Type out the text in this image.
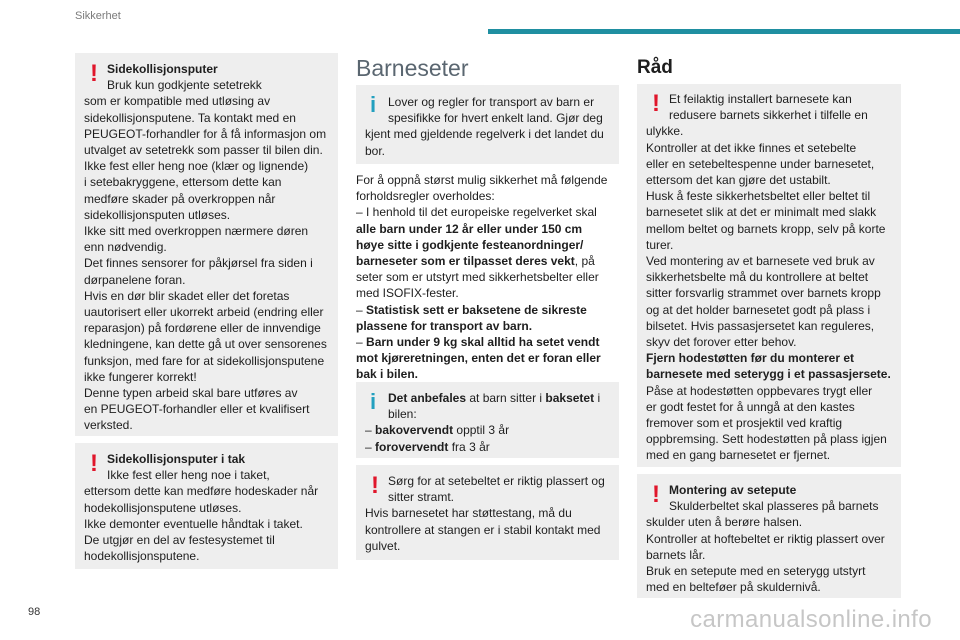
Sikkerhet
! Sidekollisjonsputer

Bruk kun godkjente setetrekk

som er kompatible med utløsing av

sidekollisjonsputene. Ta kontakt med en

PEUGEOT-forhandler for å få informasjon om

utvalget av setetrekk som passer til bilen din.

Ikke fest eller heng noe (klær og lignende)

i setebakryggene, ettersom dette kan

medføre skader på overkroppen når

sidekollisjonsputen utløses.

Ikke sitt med overkroppen nærmere døren

enn nødvendig.

Det finnes sensorer for påkjørsel fra siden i

dørpanelene foran.

Hvis en dør blir skadet eller det foretas

uautorisert eller ukorrekt arbeid (endring eller

reparasjon) på fordørene eller de innvendige

kledningene, kan dette gå ut over sensorenes

funksjon, med fare for at sidekollisjonsputene

ikke fungerer korrekt!

Denne typen arbeid skal bare utføres av

en PEUGEOT-forhandler eller et kvalifisert

verksted.

! Sidekollisjonsputer i tak

Ikke fest eller heng noe i taket,

ettersom dette kan medføre hodeskader når

hodekollisjonsputene utløses.

Ikke demonter eventuelle håndtak i taket.

De utgjør en del av festesystemet til

hodekollisjonsputene.

Barneseter
i Lover og regler for transport av barn er

spesifikke for hvert enkelt land. Gjør deg

kjent med gjeldende regelverk i det landet du

bor.

For å oppnå størst mulig sikkerhet må følgende

forholdsregler overholdes:

– I henhold til det europeiske regelverket skal

alle barn under 12 år eller under 150 cm

høye sitte i godkjente festeanordninger/

barneseter som er tilpasset deres vekt, på

seter som er utstyrt med sikkerhetsbelter eller

med ISOFIX-fester.

– Statistisk sett er baksetene de sikreste

plassene for transport av barn.

– Barn under 9 kg skal alltid ha setet vendt

mot kjøreretningen, enten det er foran eller

bak i bilen.

i Det anbefales at barn sitter i baksetet i

bilen:

– bakovervendt opptil 3 år

– forovervendt fra 3 år

! Sørg for at setebeltet er riktig plassert og

sitter stramt.

Hvis barnesetet har støttestang, må du

kontrollere at stangen er i stabil kontakt med

gulvet.

Råd
! Et feilaktig installert barnesete kan

redusere barnets sikkerhet i tilfelle en

ulykke.

Kontroller at det ikke finnes et setebelte

eller en setebeltespenne under barnesetet,

ettersom det kan gjøre det ustabilt.

Husk å feste sikkerhetsbeltet eller beltet til

barnesetet slik at det er minimalt med slakk

mellom beltet og barnets kropp, selv på korte

turer.

Ved montering av et barnesete ved bruk av

sikkerhetsbelte må du kontrollere at beltet

sitter forsvarlig strammet over barnets kropp

og at det holder barnesetet godt på plass i

bilsetet. Hvis passasjersetet kan reguleres,

skyv det forover etter behov.

Fjern hodestøtten før du monterer et

barnesete med seterygg i et passasjersete.

Påse at hodestøtten oppbevares trygt eller

er godt festet for å unngå at den kastes

fremover som et prosjektil ved kraftig

oppbremsing. Sett hodestøtten på plass igjen

med en gang barnesetet er fjernet.

! Montering av setepute

Skulderbeltet skal plasseres på barnets

skulder uten å berøre halsen.

Kontroller at hoftebeltet er riktig plassert over

barnets lår.

Bruk en setepute med en seterygg utstyrt

med en belteføer på skuldernivå.

98	carmanualsonline.info
